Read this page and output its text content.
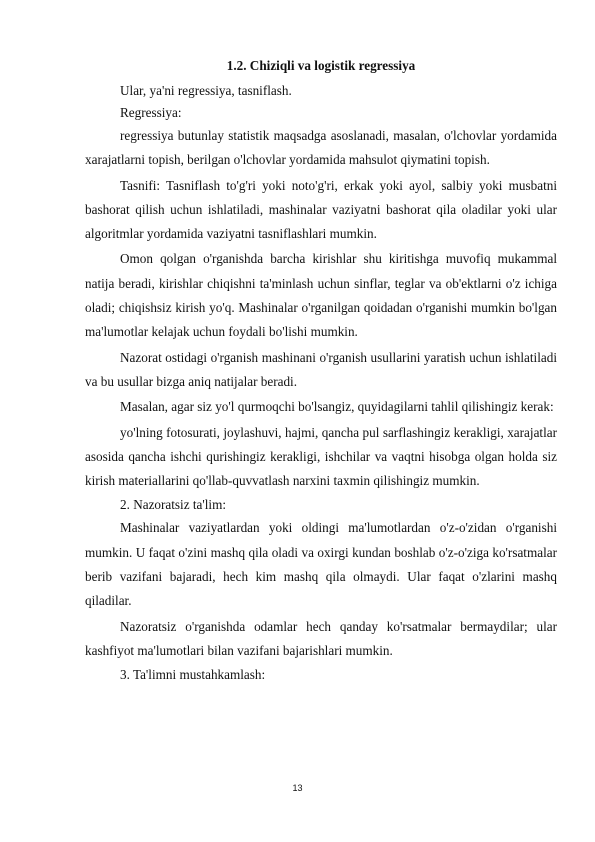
1.2. Chiziqli va logistik regressiya

Ular, ya'ni regressiya, tasniflash.

Regressiya:

regressiya butunlay statistik maqsadga asoslanadi, masalan, o'lchovlar yordamida xarajatlarni topish, berilgan o'lchovlar yordamida mahsulot qiymatini topish.

Tasnifi: Tasniflash to'g'ri yoki noto'g'ri, erkak yoki ayol, salbiy yoki musbatni bashorat qilish uchun ishlatiladi, mashinalar vaziyatni bashorat qila oladilar yoki ular algoritmlar yordamida vaziyatni tasniflashlari mumkin.

Omon qolgan o'rganishda barcha kirishlar shu kiritishga muvofiq mukammal natija beradi, kirishlar chiqishni ta'minlash uchun sinflar, teglar va ob'ektlarni o'z ichiga oladi; chiqishsiz kirish yo'q. Mashinalar o'rganilgan qoidadan o'rganishi mumkin bo'lgan ma'lumotlar kelajak uchun foydali bo'lishi mumkin.

Nazorat ostidagi o'rganish mashinani o'rganish usullarini yaratish uchun ishlatiladi va bu usullar bizga aniq natijalar beradi.

Masalan, agar siz yo'l qurmoqchi bo'lsangiz, quyidagilarni tahlil qilishingiz kerak:

yo'lning fotosurati, joylashuvi, hajmi, qancha pul sarflashingiz kerakligi, xarajatlar asosida qancha ishchi qurishingiz kerakligi, ishchilar va vaqtni hisobga olgan holda siz kirish materiallarini qo'llab-quvvatlash narxini taxmin qilishingiz mumkin.

2. Nazoratsiz ta'lim:

Mashinalar vaziyatlardan yoki oldingi ma'lumotlardan o'z-o'zidan o'rganishi mumkin. U faqat o'zini mashq qila oladi va oxirgi kundan boshlab o'z-o'ziga ko'rsatmalar berib vazifani bajaradi, hech kim mashq qila olmaydi. Ular faqat o'zlarini mashq qiladilar.

Nazoratsiz o'rganishda odamlar hech qanday ko'rsatmalar bermaydilar; ular kashfiyot ma'lumotlari bilan vazifani bajarishlari mumkin.

3. Ta'limni mustahkamlash:

13
